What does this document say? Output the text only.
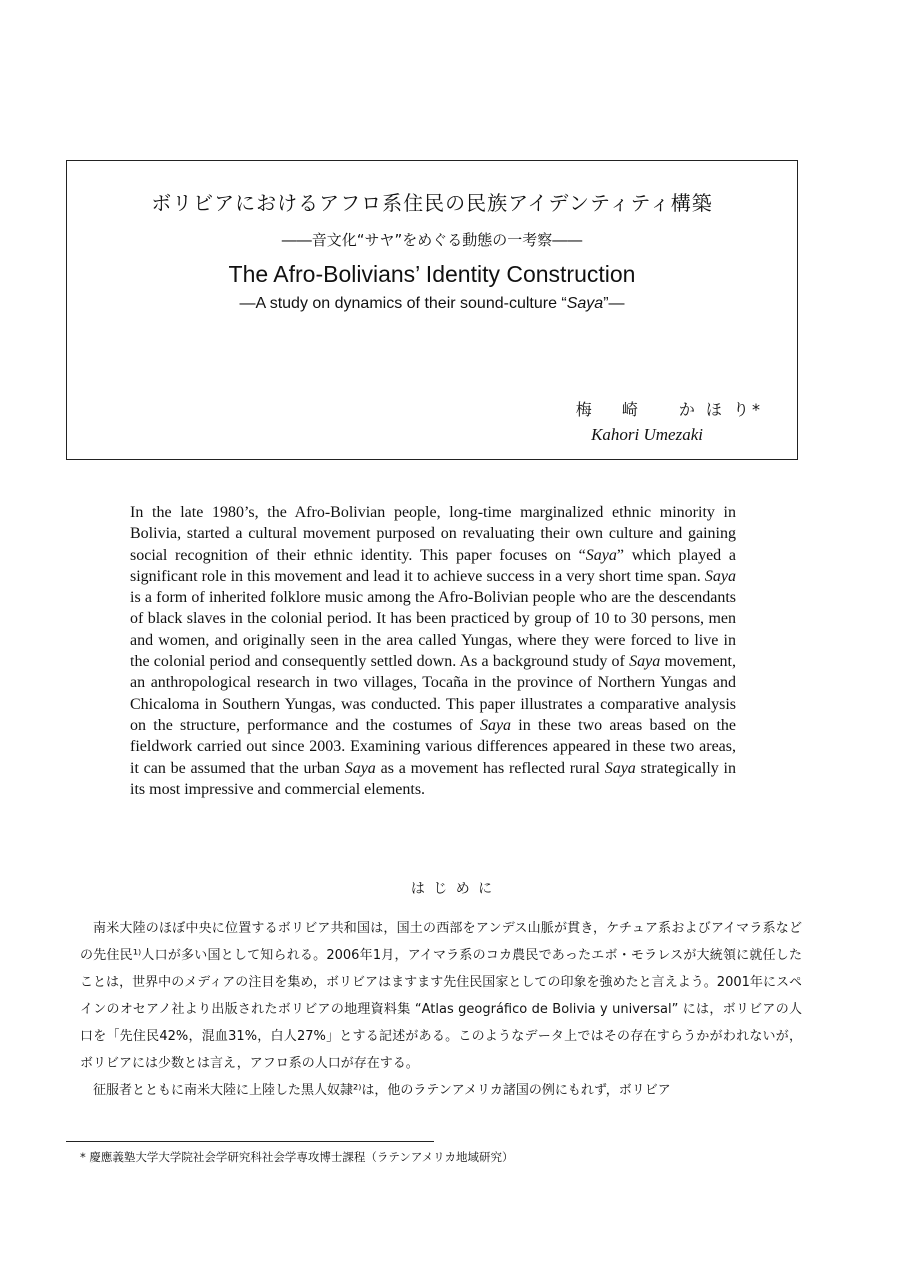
ボリビアにおけるアフロ系住民の民族アイデンティティ構築
――音文化“サヤ”をめぐる動態の一考察――
The Afro-Bolivians’ Identity Construction
—A study on dynamics of their sound-culture “Saya”—
梅　 崎　　か ほ り*
Kahori Umezaki

In the late 1980’s, the Afro-Bolivian people, long-time marginalized ethnic minority in Bolivia, started a cultural movement purposed on revaluating their own culture and gaining social recognition of their ethnic identity. This paper focuses on “Saya” which played a significant role in this movement and lead it to achieve success in a very short time span. Saya is a form of inherited folklore music among the Afro-Bolivian people who are the descendants of black slaves in the colonial period. It has been practiced by group of 10 to 30 persons, men and women, and originally seen in the area called Yungas, where they were forced to live in the colonial period and consequently settled down. As a background study of Saya movement, an anthropological research in two villages, Tocaña in the province of Northern Yungas and Chicaloma in Southern Yungas, was conducted. This paper illustrates a comparative analysis on the structure, performance and the costumes of Saya in these two areas based on the fieldwork carried out since 2003. Examining various differences appeared in these two areas, it can be assumed that the urban Saya as a movement has reflected rural Saya strategically in its most impressive and commercial elements.

は じ め に

南米大陸のほぼ中央に位置するボリビア共和国は，国土の西部をアンデス山脈が貫き，ケチュア系およびアイマラ系などの先住民¹⁾人口が多い国として知られる。2006年1月，アイマラ系のコカ農民であったエボ・モラレスが大統領に就任したことは，世界中のメディアの注目を集め，ボリビアはますます先住民国家としての印象を強めたと言えよう。2001年にスペインのオセアノ社より出版されたボリビアの地理資料集 “Atlas geográfico de Bolivia y universal” には，ボリビアの人口を「先住民42%，混血31%，白人27%」とする記述がある。このようなデータ上ではその存在すらうかがわれないが，ボリビアには少数とは言え，アフロ系の人口が存在する。

征服者とともに南米大陸に上陸した黒人奴隷²⁾は，他のラテンアメリカ諸国の例にもれず，ボリビア

* 慶應義塾大学大学院社会学研究科社会学専攻博士課程（ラテンアメリカ地域研究）
